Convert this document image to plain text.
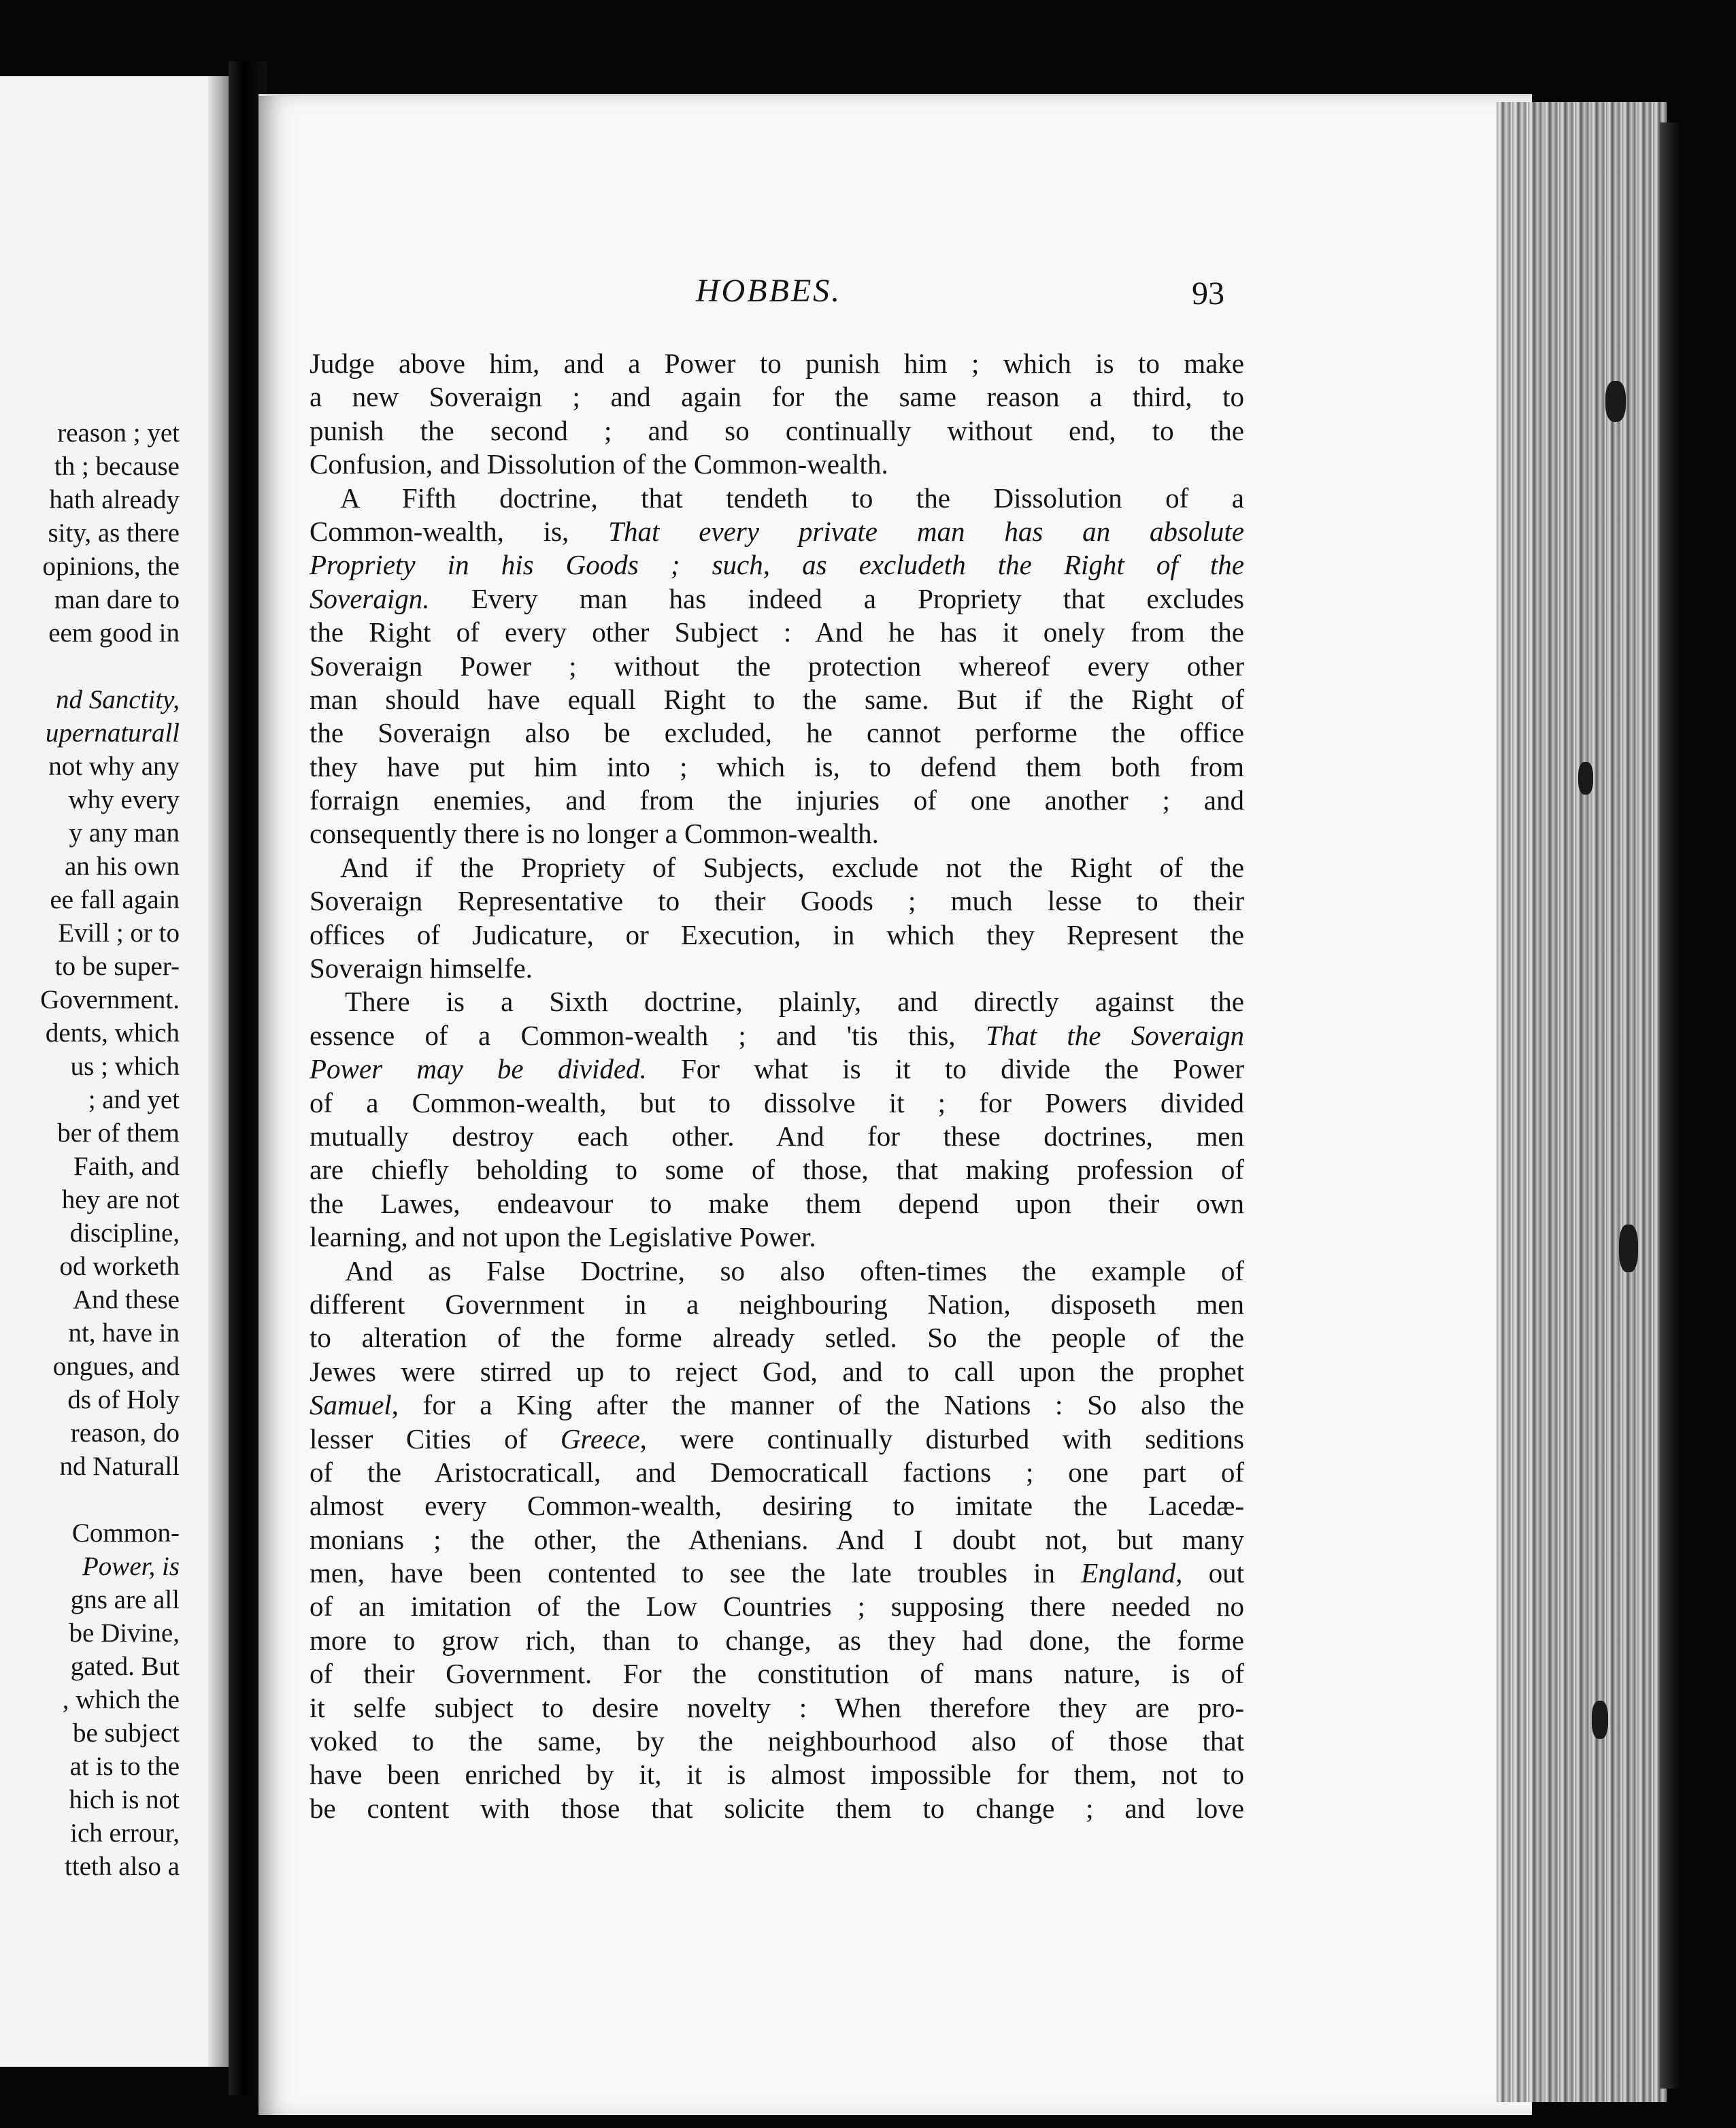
reason ; yet
th ; because
hath already
sity, as there
opinions, the
man dare to
eem good in
nd Sanctity,
upernaturall
not why any
why every
y any man
an his own
ee fall again
Evill ; or to
to be super-
Government.
dents, which
us ; which
; and yet
ber of them
Faith, and
hey are not
discipline,
od worketh
And these
nt, have in
ongues, and
ds of Holy
reason, do
nd Naturall
Common-
Power, is
gns are all
be Divine,
gated. But
, which the
be subject
at is to the
hich is not
ich errour,
tteth also a
HOBBES.	93
Judge above him, and a Power to punish him ; which is to make
a new Soveraign ; and again for the same reason a third, to
punish the second ; and so continually without end, to the
Confusion, and Dissolution of the Common-wealth.
A Fifth doctrine, that tendeth to the Dissolution of a
Common-wealth, is, That every private man has an absolute
Propriety in his Goods ; such, as excludeth the Right of the
Soveraign. Every man has indeed a Propriety that excludes
the Right of every other Subject : And he has it onely from the
Soveraign Power ; without the protection whereof every other
man should have equall Right to the same. But if the Right of
the Soveraign also be excluded, he cannot performe the office
they have put him into ; which is, to defend them both from
forraign enemies, and from the injuries of one another ; and
consequently there is no longer a Common-wealth.
And if the Propriety of Subjects, exclude not the Right of the
Soveraign Representative to their Goods ; much lesse to their
offices of Judicature, or Execution, in which they Represent the
Soveraign himselfe.
There is a Sixth doctrine, plainly, and directly against the
essence of a Common-wealth ; and 'tis this, That the Soveraign
Power may be divided. For what is it to divide the Power
of a Common-wealth, but to dissolve it ; for Powers divided
mutually destroy each other. And for these doctrines, men
are chiefly beholding to some of those, that making profession of
the Lawes, endeavour to make them depend upon their own
learning, and not upon the Legislative Power.
And as False Doctrine, so also often-times the example of
different Government in a neighbouring Nation, disposeth men
to alteration of the forme already setled. So the people of the
Jewes were stirred up to reject God, and to call upon the prophet
Samuel, for a King after the manner of the Nations : So also the
lesser Cities of Greece, were continually disturbed with seditions
of the Aristocraticall, and Democraticall factions ; one part of
almost every Common-wealth, desiring to imitate the Lacedæ-
monians ; the other, the Athenians. And I doubt not, but many
men, have been contented to see the late troubles in England, out
of an imitation of the Low Countries ; supposing there needed no
more to grow rich, than to change, as they had done, the forme
of their Government. For the constitution of mans nature, is of
it selfe subject to desire novelty : When therefore they are pro-
voked to the same, by the neighbourhood also of those that
have been enriched by it, it is almost impossible for them, not to
be content with those that solicite them to change ; and love
